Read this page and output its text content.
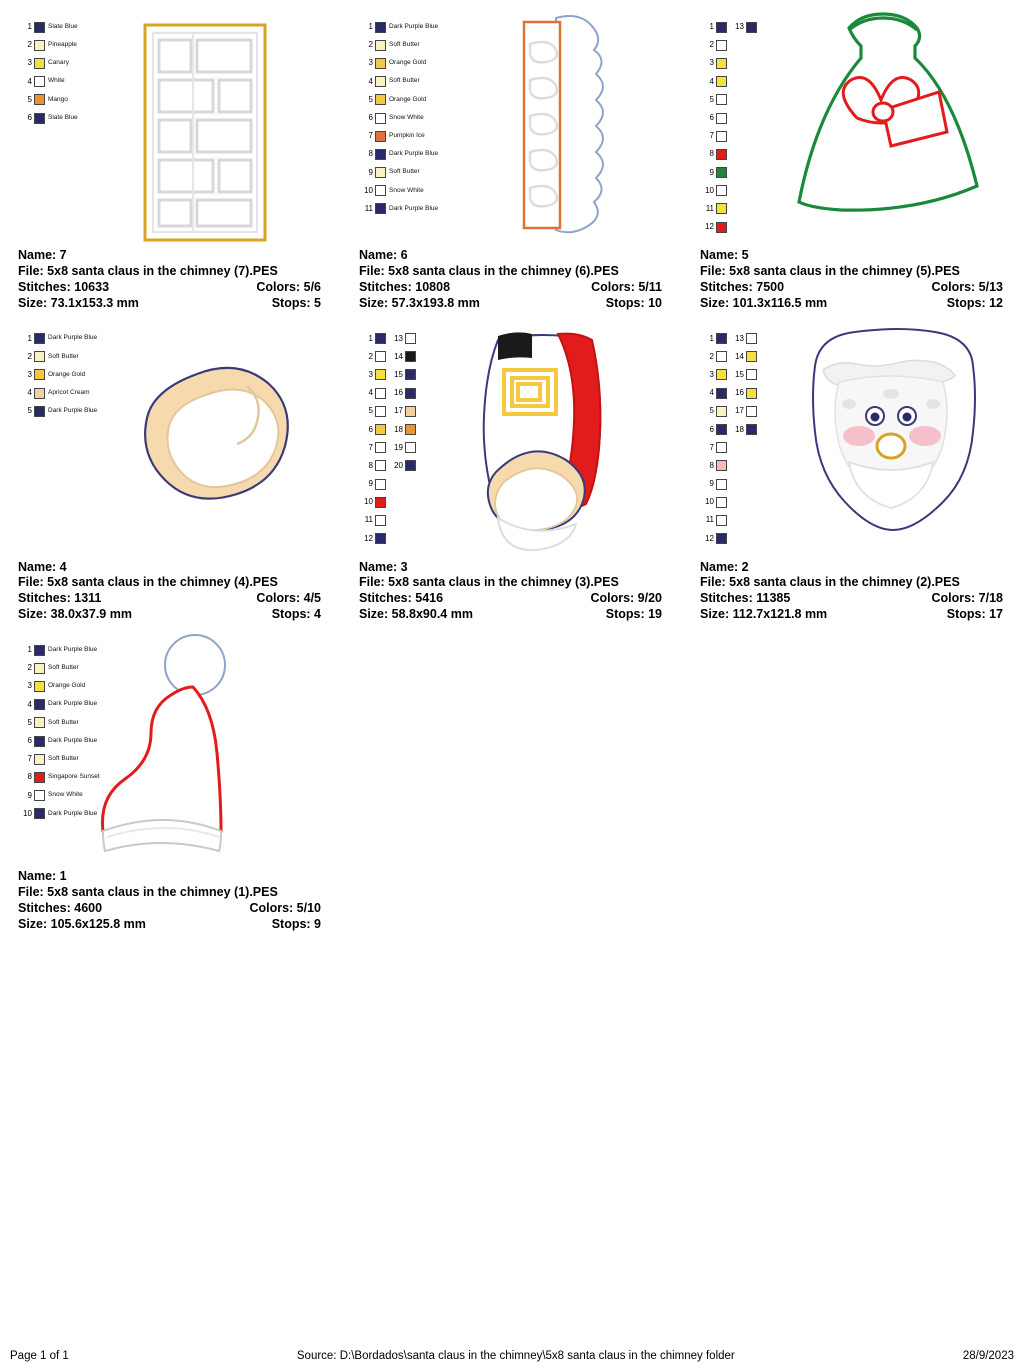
1	Slate Blue
2	Pineapple
3	Canary
4	White
5	Mango
6	Slate Blue
Name: 7
File: 5x8 santa claus in the chimney (7).PES
Stitches: 10633	Colors: 5/6
Size: 73.1x153.3 mm	Stops: 5
1	Dark Purple Blue
2	Soft Butter
3	Orange Gold
4	Soft Butter
5	Orange Gold
6	Snow White
7	Pumpkin Ice
8	Dark Purple Blue
9	Soft Butter
10	Snow White
11	Dark Purple Blue
Name: 6
File: 5x8 santa claus in the chimney (6).PES
Stitches: 10808	Colors: 5/11
Size: 57.3x193.8 mm	Stops: 10
1
2
3
4
5
6
7
8
9
10
11
12
13
Name: 5
File: 5x8 santa claus in the chimney (5).PES
Stitches: 7500	Colors: 5/13
Size: 101.3x116.5 mm	Stops: 12
1	Dark Purple Blue
2	Soft Butter
3	Orange Gold
4	Apricot Cream
5	Dark Purple Blue
Name: 4
File: 5x8 santa claus in the chimney (4).PES
Stitches: 1311	Colors: 4/5
Size: 38.0x37.9 mm	Stops: 4
1
2
3
4
5
6
7
8
9
10
11
12
13
14
15
16
17
18
19
20
Name: 3
File: 5x8 santa claus in the chimney (3).PES
Stitches: 5416	Colors: 9/20
Size: 58.8x90.4 mm	Stops: 19
1
2
3
4
5
6
7
8
9
10
11
12
13
14
15
16
17
18
Name: 2
File: 5x8 santa claus in the chimney (2).PES
Stitches: 11385	Colors: 7/18
Size: 112.7x121.8 mm	Stops: 17
1	Dark Purple Blue
2	Soft Butter
3	Orange Gold
4	Dark Purple Blue
5	Soft Butter
6	Dark Purple Blue
7	Soft Butter
8	Singapore Sunset
9	Snow White
10	Dark Purple Blue
Name: 1
File: 5x8 santa claus in the chimney (1).PES
Stitches: 4600	Colors: 5/10
Size: 105.6x125.8 mm	Stops: 9
Page 1 of 1	Source: D:\Bordados\santa claus in the chimney\5x8 santa claus in the chimney folder	28/9/2023
